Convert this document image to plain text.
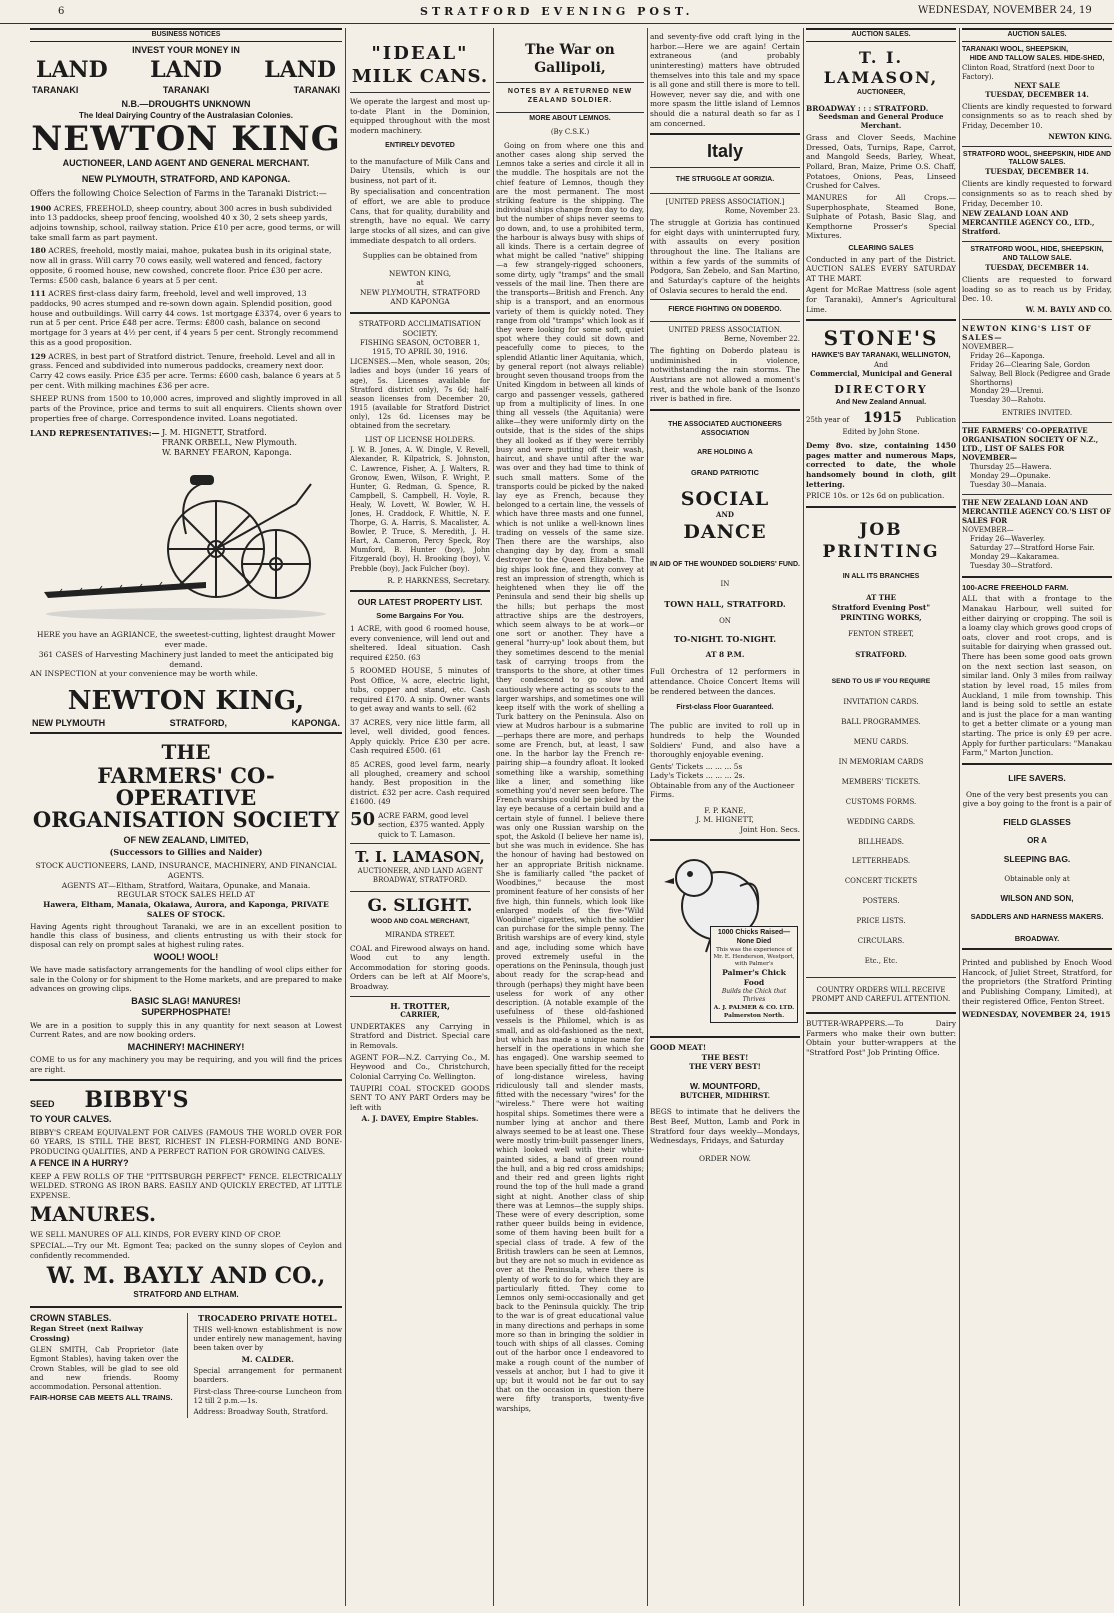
6	STRATFORD EVENING POST.	WEDNESDAY, NOVEMBER 24, 19
BUSINESS NOTICES
INVEST YOUR MONEY IN
LAND LAND LAND
TARANAKI	TARANAKI	TARANAKI
N.B.—DROUGHTS UNKNOWN
The Ideal Dairying Country of the Australasian Colonies.
NEWTON KING
AUCTIONEER, LAND AGENT AND GENERAL MERCHANT.
NEW PLYMOUTH, STRATFORD, AND KAPONGA.
Offers the following Choice Selection of Farms in the Taranaki District:—
1900 ACRES, FREEHOLD, sheep country, about 300 acres in bush subdivided into 13 paddocks, sheep proof fencing, woolshed 40 x 30, 2 sets sheep yards, adjoins township, school, railway station. Price £10 per acre, good terms, or will take small farm as part payment.
180 ACRES, freehold, mostly maiai, mahoe, pukatea bush in its original state, now all in grass. Will carry 70 cows easily, well watered and fenced, factory opposite, 6 roomed house, new cowshed, concrete floor. Price £30 per acre. Terms: £500 cash, balance 6 years at 5 per cent.
111 ACRES first-class dairy farm, freehold, level and well improved, 13 paddocks, 90 acres stumped and re-sown down again. Splendid position, good house and outbuildings. Will carry 44 cows. 1st mortgage £3374, over 6 years to run at 5 per cent. Price £48 per acre. Terms: £800 cash, balance on second mortgage for 3 years at 4½ per cent, if 4 years 5 per cent. Strongly recommend this as a good proposition.
129 ACRES, in best part of Stratford district. Tenure, freehold. Level and all in grass. Fenced and subdivided into numerous paddocks, creamery next door. Carry 42 cows easily. Price £35 per acre. Terms: £600 cash, balance 6 years at 5 per cent. With milking machines £36 per acre.

SHEEP RUNS from 1500 to 10,000 acres, improved and slightly improved in all parts of the Province, price and terms to suit all enquirers. Clients shown over properties free of charge. Correspondence invited. Loans negotiated.

LAND REPRESENTATIVES:— J. M. HIGNETT, Stratford.
FRANK ORBELL, New Plymouth.
W. BARNEY FEARON, Kaponga.
HERE you have an AGRIANCE, the sweetest-cutting, lightest draught Mower ever made.
361 CASES of Harvesting Machinery just landed to meet the anticipated big demand.
AN INSPECTION at your convenience may be worth while.
NEWTON KING,
NEW PLYMOUTH	STRATFORD,	KAPONGA.
THE
FARMERS' CO-OPERATIVE
ORGANISATION SOCIETY
OF NEW ZEALAND, LIMITED,
(Successors to Gillies and Naider)
STOCK AUCTIONEERS, LAND, INSURANCE, MACHINERY, AND FINANCIAL AGENTS.
AGENTS AT—Eltham, Stratford, Waitara, Opunake, and Manaia.
REGULAR STOCK SALES HELD AT
Hawera, Eltham, Manaia, Okaiawa, Aurora, and Kaponga, PRIVATE SALES OF STOCK.

Having Agents right throughout Taranaki, we are in an excellent position to handle this class of business, and clients entrusting us with their stock for disposal can rely on prompt sales at highest ruling rates.

WOOL! WOOL!

We have made satisfactory arrangements for the handling of wool clips either for sale in the Colony or for shipment to the Home markets, and are prepared to make advances on growing clips.

BASIC SLAG! MANURES!
SUPERPHOSPHATE!

We are in a position to supply this in any quantity for next season at Lowest Current Rates, and are now booking orders.

MACHINERY! MACHINERY!

COME to us for any machinery you may be requiring, and you will find the prices are right.

SEED BIBBY'S
TO YOUR CALVES.

BIBBY'S CREAM EQUIVALENT FOR CALVES (FAMOUS THE WORLD OVER FOR 60 YEARS, IS STILL THE BEST, RICHEST IN FLESH-FORMING AND BONE-PRODUCING QUALITIES, AND A PERFECT RATION FOR GROWING CALVES.

A FENCE IN A HURRY?

KEEP A FEW ROLLS OF THE "PITTSBURGH PERFECT" FENCE. ELECTRICALLY WELDED. STRONG AS IRON BARS. EASILY AND QUICKLY ERECTED, AT LITTLE EXPENSE.

MANURES.

WE SELL MANURES OF ALL KINDS, FOR EVERY KIND OF CROP.

SPECIAL.—Try our Mt. Egmont Tea; packed on the sunny slopes of Ceylon and confidently recommended.

W. M. BAYLY AND CO.,
STRATFORD AND ELTHAM.
CROWN STABLES.
Regan Street (next Railway Crossing)

GLEN SMITH, Cab Proprietor (late Egmont Stables), having taken over the Crown Stables, will be glad to see old and new friends. Roomy accommodation. Personal attention.

FAIR-HORSE CAB MEETS ALL TRAINS.
TROCADERO PRIVATE HOTEL.

THIS well-known establishment is now under entirely new management, having been taken over by

M. CALDER.

Special arrangement for permanent boarders.

First-class Three-course Luncheon from 12 till 2 p.m.—1s.

Address: Broadway South, Stratford.

"IDEAL"
MILK CANS.

We operate the largest and most up-to-date Plant in the Dominion, equipped throughout with the most modern machinery.

ENTIRELY DEVOTED

to the manufacture of Milk Cans and Dairy Utensils, which is our business, not part of it.

By specialisation and concentration of effort, we are able to produce Cans, that for quality, durability and strength, have no equal. We carry large stocks of all sizes, and can give immediate despatch to all orders.

Supplies can be obtained from
NEWTON KING,
at
NEW PLYMOUTH, STRATFORD
AND KAPONGA
STRATFORD ACCLIMATISATION SOCIETY.
FISHING SEASON, OCTOBER 1, 1915, TO APRIL 30, 1916.

LICENSES.—Men, whole season, 20s; ladies and boys (under 16 years of age), 5s. Licenses available for Stratford district only), 7s 6d; half-season licenses from December 20, 1915 (available for Stratford District only), 12s 6d. Licenses may be obtained from the secretary.

LIST OF LICENSE HOLDERS.

J. W. B. Jones, A. W. Dingle, V. Revell, Alexander, R. Kilpatrick, S. Johnston, C. Lawrence, Fisher, A. J. Walters, R. Gronow, Ewen, Wilson, F. Wright, P. Hunter, G. Redman, G. Spence, R. Campbell, S. Campbell, H. Voyle, R. Healy, W. Lovett, W. Bowler, W. H. Jones, H. Craddock, F. Whittle, N. F. Thorpe, G. A. Harris, S. Macalister, A. Bowler, P. Truce, S. Meredith, J. H. Hart, A. Cameron, Percy Speck, Roy Mumford, B. Hunter (boy), John Fitzgerald (boy), H. Brooking (boy), V. Prebble (boy), Jack Fulcher (boy).

R. P. HARKNESS, Secretary.
OUR LATEST PROPERTY LIST.
Some Bargains For You.

1 ACRE, with good 6 roomed house, every convenience, will lend out and sheltered. Ideal situation. Cash required £250. (63

5 ROOMED HOUSE, 5 minutes of Post Office, ¼ acre, electric light, tubs, copper and stand, etc. Cash required £170. A snip. Owner wants to get away and wants to sell. (62

37 ACRES, very nice little farm, all level, well divided, good fences. Apply quickly. Price £30 per acre. Cash required £500. (61

85 ACRES, good level farm, nearly all ploughed, creamery and school handy. Best proposition in the district. £32 per acre. Cash required £1600. (49

50 ACRE FARM, good level section, £375 wanted. Apply quick to T. Lamason.
T. I. LAMASON,
AUCTIONEER, AND LAND AGENT
BROADWAY, STRATFORD.
G. SLIGHT.
WOOD AND COAL MERCHANT,
MIRANDA STREET.

COAL and Firewood always on hand. Wood cut to any length. Accommodation for storing goods. Orders can be left at Alf Moore's, Broadway.

H. TROTTER,
CARRIER,

UNDERTAKES any Carrying in Stratford and District. Special care in Removals.

AGENT FOR—N.Z. Carrying Co., M. Heywood and Co., Christchurch, Colonial Carrying Co. Wellington.

TAUPIRI COAL STOCKED GOODS SENT TO ANY PART Orders may be left with

A. J. DAVEY, Empire Stables.
The War on Gallipoli,
NOTES BY A RETURNED NEW ZEALAND SOLDIER.
MORE ABOUT LEMNOS.
(By C.S.K.)

Going on from where one this and another cases along ship served the Lemnos take a series and circle it all in the muddle. The hospitals are not the chief feature of Lemnos, though they are the most permanent. The most striking feature is the shipping. The individual ships change from day to day, but the number of ships never seems to go down, and, to use a prohibited term, the harbour is always busy with ships of all kinds. There is a certain degree of what might be called "native" shipping—a few strangely-rigged schooners, some dirty, ugly "tramps" and the small vessels of the mail line. Then there are the transports—British and French. Any ship is a transport, and an enormous variety of them is quickly noted. They range from old "tramps" which look as if they were looking for some soft, quiet spot where they could sit down and peacefully come to pieces, to the splendid Atlantic liner Aquitania, which, by general report (not always reliable) brought seven thousand troops from the United Kingdom in between all kinds of cargo and passenger vessels, gathered up from a multiplicity of lines. In one thing all vessels (the Aquitania) were alike—they were uniformly dirty on the outside, that is the sides of the ships they all looked as if they were terribly busy and were putting off their wash, haircut, and shave until after the war was over and they had time to think of such small matters. Some of the transports could be picked by the naked lay eye as French, because they belonged to a certain line, the vessels of which have three masts and one funnel, which is not unlike a well-known lines trading on vessels of the same size. Then there are the warships, also changing day by day, from a small destroyer to the Queen Elizabeth. The big ships look fine, and they convey at rest an impression of strength, which is heightened when they lie off the Peninsula and send their big shells up the hills; but perhaps the most attractive ships are the destroyers, which seem always to be at work—or one sort or another. They have a general "hurry-up" look about them, but they sometimes descend to the menial task of carrying troops from the transports to the shore, at other times they condescend to go slow and cautiously where acting as scouts to the larger warships, and sometimes one will keep itself with the work of shelling a Turk battery on the Peninsula. Also on view at Mudros harbour is a submarine—perhaps there are more, and perhaps some are French, but, at least, I saw one. In the harbor lay the French re-pairing ship—a foundry afloat. It looked something like a warship, something like a liner, and something like something you'd never seen before. The French warships could be picked by the lay eye because of a certain build and a certain style of funnel. I believe there was only one Russian warship on the spot, the Askold (I believe her name is), but she was much in evidence. She has the honour of having had bestowed on her an appropriate British nickname. She is familiarly called "the packet of Woodbines," because the most prominent feature of her consists of her five high, thin funnels, which look like enlarged models of the five-"Wild Woodbine" cigarettes, which the soldier can purchase for the simple penny. The British warships are of every kind, style and age, including some which have proved extremely useful in the operations on the Peninsula, though just about ready for the scrap-head and through (perhaps) they might have been useless for work of any other description. (A notable example of the usefulness of these old-fashioned vessels is the Philomel, which is as small, and as old-fashioned as the next, but which has made a unique name for herself in the operations in which she has engaged). One warship seemed to have been specially fitted for the receipt of long-distance wireless, having ridiculously tall and slender masts, fitted with the necessary "wires" for the "wireless." There were hot waiting hospital ships. Sometimes there were a number lying at anchor and there always seemed to be at least one. These were mostly trim-built passenger liners, which looked well with their white-painted sides, a band of green round the hull, and a big red cross amidships; and their red and green lights right round the top of the hull made a grand sight at night. Another class of ship there was at Lemnos—the supply ships. These were of every description, some rather queer builds being in evidence, some of them having been built for a special class of trade. A few of the British trawlers can be seen at Lemnos, but they are not so much in evidence as over at the Peninsula, where there is plenty of work to do for which they are particularly fitted. They come to Lemnos only semi-occasionally and get back to the Peninsula quickly. The trip to the war is of great educational value in many directions and perhaps in some more so than in bringing the soldier in touch with ships of all classes. Coming out of the harbor once I endeavored to make a rough count of the number of vessels at anchor, but I had to give it up; but it would not be far out to say that on the occasion in question there were fifty transports, twenty-five warships,

and seventy-five odd craft lying in the harbor.—Here we are again! Certain extraneous (and probably uninteresting) matters have obtruded themselves into this tale and my space is all gone and still there is more to tell. However, never say die, and with one more spasm the little island of Lemnos should die a natural death so far as I am concerned.

Italy
THE STRUGGLE AT GORIZIA.
[UNITED PRESS ASSOCIATION.]
Rome, November 23.

The struggle at Gorizia has continued for eight days with uninterrupted fury, with assaults on every position throughout the line. The Italians are within a few yards of the summits of Podgora, San Zebelo, and San Martino, and Saturday's capture of the heights of Oslavia secures to herald the end.

FIERCE FIGHTING ON DOBERDO.
UNITED PRESS ASSOCIATION.
Berne, November 22.

The fighting on Doberdo plateau is undiminished in violence, notwithstanding the rain storms. The Austrians are not allowed a moment's rest, and the whole bank of the Isonzo river is bathed in fire.

THE ASSOCIATED AUCTIONEERS ASSOCIATION
ARE HOLDING A
GRAND PATRIOTIC
SOCIAL
AND
DANCE
IN AID OF THE WOUNDED SOLDIERS' FUND.
IN
TOWN HALL, STRATFORD.
ON
TO-NIGHT. TO-NIGHT.
AT 8 P.M.

Full Orchestra of 12 performers in attendance. Choice Concert Items will be rendered between the dances.

First-class Floor Guaranteed.

The public are invited to roll up in hundreds to help the Wounded Soldiers' Fund, and also have a thoroughly enjoyable evening.

Gents' Tickets ... ... ... 5s
Lady's Tickets ... ... ... 2s.
Obtainable from any of the Auctioneer Firms.
F. P. KANE,
J. M. HIGNETT,
Joint Hon. Secs.
1000 Chicks Raised—None Died
This was the experience of Mr. E. Henderson, Westport, with Palmer's
Palmer's Chick Food
Builds the Chick that Thrives
A. J. PALMER & CO. LTD. Palmerston North.
GOOD MEAT!
THE BEST!
THE VERY BEST!
W. MOUNTFORD,
BUTCHER, MIDHIRST.

BEGS to intimate that he delivers the Best Beef, Mutton, Lamb and Pork in Stratford four days weekly—Mondays, Wednesdays, Fridays, and Saturday

ORDER NOW.
AUCTION SALES.
T. I. LAMASON,
AUCTIONEER,
BROADWAY : : : STRATFORD.
Seedsman and General Produce Merchant.

Grass and Clover Seeds, Machine Dressed, Oats, Turnips, Rape, Carrot, and Mangold Seeds, Barley, Wheat, Pollard, Bran, Maize, Prime O.S. Chaff, Potatoes, Onions, Peas, Linseed Crushed for Calves.

MANURES for All Crops.—Superphosphate, Steamed Bone, Sulphate of Potash, Basic Slag, and Kempthorne Prosser's Special Mixtures.

CLEARING SALES

Conducted in any part of the District. AUCTION SALES EVERY SATURDAY AT THE MART.

Agent for McRae Mattress (sole agent for Taranaki), Amner's Agricultural Lime.

STONE'S
HAWKE'S BAY TARANAKI, WELLINGTON,
And
Commercial, Municipal and General
DIRECTORY
And New Zealand Annual.
25th year of 1915 Publication
Edited by John Stone.

Demy 8vo. size, containing 1450 pages matter and numerous Maps, corrected to date, the whole handsomely bound in cloth, gilt lettering.

PRICE 10s. or 12s 6d on publication.

JOB
PRINTING
IN ALL ITS BRANCHES
AT THE
Stratford Evening Post"
PRINTING WORKS,
FENTON STREET,
STRATFORD.
SEND TO US IF YOU REQUIRE
INVITATION CARDS.
BALL PROGRAMMES.
MENU CARDS.
IN MEMORIAM CARDS
MEMBERS' TICKETS.
CUSTOMS FORMS.
WEDDING CARDS.
BILLHEADS.
LETTERHEADS.
CONCERT TICKETS
POSTERS.
PRICE LISTS.
CIRCULARS.
Etc., Etc.
COUNTRY ORDERS WILL RECEIVE PROMPT AND CAREFUL ATTENTION.

BUTTER-WRAPPERS.—To Dairy Farmers who make their own butter: Obtain your butter-wrappers at the "Stratford Post" Job Printing Office.

AUCTION SALES.
TARANAKI WOOL, SHEEPSKIN,
HIDE AND TALLOW SALES. HIDE-SHED,
Clinton Road, Stratford (next Door to Factory).
NEXT SALE
TUESDAY, DECEMBER 14.

Clients are kindly requested to forward consignments so as to reach shed by Friday, December 10.

NEWTON KING.
STRATFORD WOOL, SHEEPSKIN, HIDE AND TALLOW SALES.
TUESDAY, DECEMBER 14.

Clients are kindly requested to forward consignments so as to reach shed by Friday, December 10.

NEW ZEALAND LOAN AND MERCANTILE AGENCY CO., LTD., Stratford.
STRATFORD WOOL, HIDE, SHEEPSKIN, AND TALLOW SALE.
TUESDAY, DECEMBER 14.

Clients are requested to forward loading so as to reach us by Friday, Dec. 10.

W. M. BAYLY AND CO.
NEWTON KING'S LIST OF SALES—
NOVEMBER—
Friday 26—Kaponga.
Friday 26—Clearing Sale, Gordon Salway, Bell Block (Pedigree and Grade Shorthorns)
Monday 29—Urenui.
Tuesday 30—Rahotu.
ENTRIES INVITED.
THE FARMERS' CO-OPERATIVE ORGANISATION SOCIETY OF N.Z., LTD., LIST OF SALES FOR NOVEMBER—
Thursday 25—Hawera.
Monday 29—Opunake.
Tuesday 30—Manaia.
THE NEW ZEALAND LOAN AND MERCANTILE AGENCY CO.'S LIST OF SALES FOR
NOVEMBER—
Friday 26—Waverley.
Saturday 27—Stratford Horse Fair.
Monday 29—Kakaramea.
Tuesday 30—Stratford.
100-ACRE FREEHOLD FARM.

ALL that with a frontage to the Manakau Harbour, well suited for either dairying or cropping. The soil is a loamy clay which grows good crops of oats, clover and root crops, and is suitable for dairying when grassed out. There has been some good oats grown on the next section last season, on similar land. Only 3 miles from railway station by level road, 15 miles from Auckland, 1 mile from township. This land is being sold to settle an estate and is just the place for a man wanting to get a better climate or a young man starting. The price is only £9 per acre. Apply for further particulars: "Manakau Farm," Marton Junction.

LIFE SAVERS.

One of the very best presents you can give a boy going to the front is a pair of

FIELD GLASSES
OR A
SLEEPING BAG.
Obtainable only at
WILSON AND SON,
SADDLERS AND HARNESS MAKERS.
BROADWAY.

Printed and published by Enoch Wood Hancock, of Juliet Street, Stratford, for the proprietors (the Stratford Printing and Publishing Company, Limited), at their registered Office, Fenton Street.

WEDNESDAY, NOVEMBER 24, 1915
